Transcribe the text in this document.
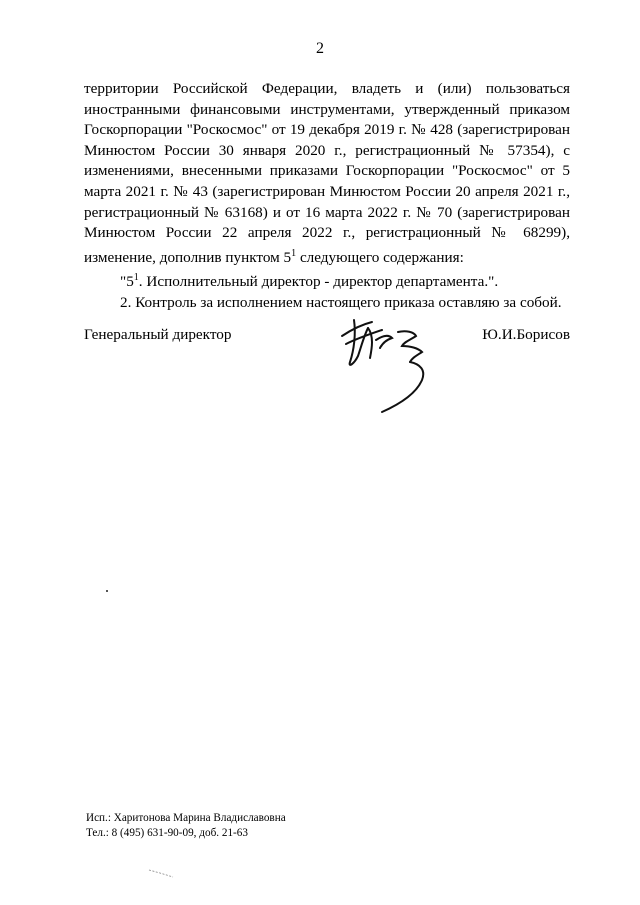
2

территории Российской Федерации, владеть и (или) пользоваться иностранными финансовыми инструментами, утвержденный приказом Госкорпорации "Роскосмос" от 19 декабря 2019 г. № 428 (зарегистрирован Минюстом России 30 января 2020 г., регистрационный № 57354), с изменениями, внесенными приказами Госкорпорации "Роскосмос" от 5 марта 2021 г. № 43 (зарегистрирован Минюстом России 20 апреля 2021 г., регистрационный № 63168) и от 16 марта 2022 г. № 70 (зарегистрирован Минюстом России 22 апреля 2022 г., регистрационный № 68299), изменение, дополнив пунктом $5^1$ следующего содержания:

"$5^1$. Исполнительный директор - директор департамента.".

2. Контроль за исполнением настоящего приказа оставляю за собой.

Генеральный директор	Ю.И.Борисов
Исп.: Харитонова Марина Владиславовна
Тел.: 8 (495) 631-90-09, доб. 21-63
